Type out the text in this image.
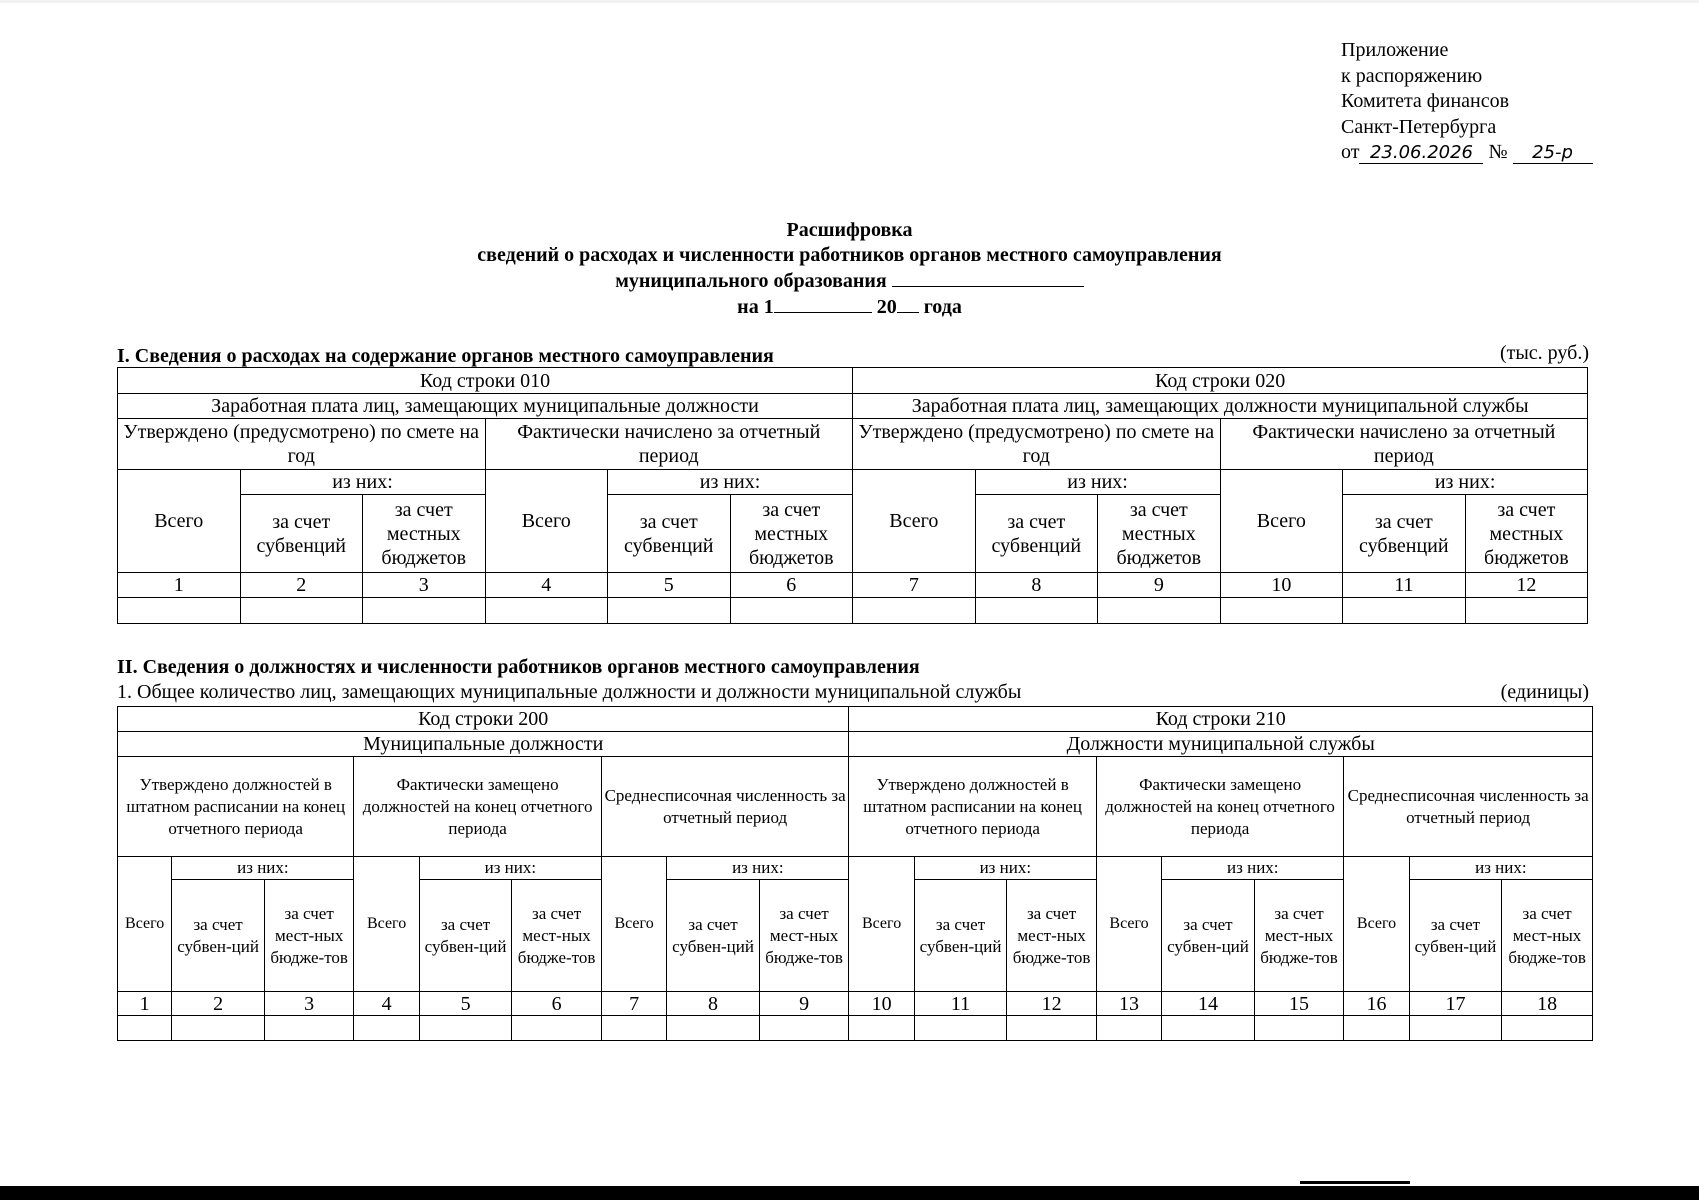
Приложение
к распоряжению
Комитета финансов
Санкт-Петербурга
от 23.06.2026 № 25-р
Расшифровка
сведений о расходах и численности работников органов местного самоуправления
муниципального образования
на 1	20 года
I. Сведения о расходах на содержание органов местного самоуправления	(тыс. руб.)
Код строки 010						Код строки 020					
Заработная плата лиц, замещающих муниципальные должности						Заработная плата лиц, замещающих должности муниципальной службы					
Утверждено (предусмотрено) по смете на год			Фактически начислено за отчетный период			Утверждено (предусмотрено) по смете на год			Фактически начислено за отчетный период		
Всего	из них:		Всего	из них:		Всего	из них:		Всего	из них:	
	за счет субвенций	за счет местных бюджетов		за счет субвенций	за счет местных бюджетов		за счет субвенций	за счет местных бюджетов		за счет субвенций	за счет местных бюджетов
1	2	3	4	5	6	7	8	9	10	11	12

II. Сведения о должностях и численности работников органов местного самоуправления
1. Общее количество лиц, замещающих муниципальные должности и должности муниципальной службы	(единицы)
Код строки 200									Код строки 210								
Муниципальные должности									Должности муниципальной службы								
Утверждено должностей в штатном расписании на конец отчетного периода			Фактически замещено должностей на конец отчетного периода			Среднесписочная численность за отчетный период			Утверждено должностей в штатном расписании на конец отчетного периода			Фактически замещено должностей на конец отчетного периода			Среднесписочная численность за отчетный период		
Всего	из них:		Всего	из них:		Всего	из них:		Всего	из них:		Всего	из них:		Всего	из них:	
	за счет субвен-ций	за счет мест-ных бюдже-тов		за счет субвен-ций	за счет мест-ных бюдже-тов		за счет субвен-ций	за счет мест-ных бюдже-тов		за счет субвен-ций	за счет мест-ных бюдже-тов		за счет субвен-ций	за счет мест-ных бюдже-тов		за счет субвен-ций	за счет мест-ных бюдже-тов
1	2	3	4	5	6	7	8	9	10	11	12	13	14	15	16	17	18
